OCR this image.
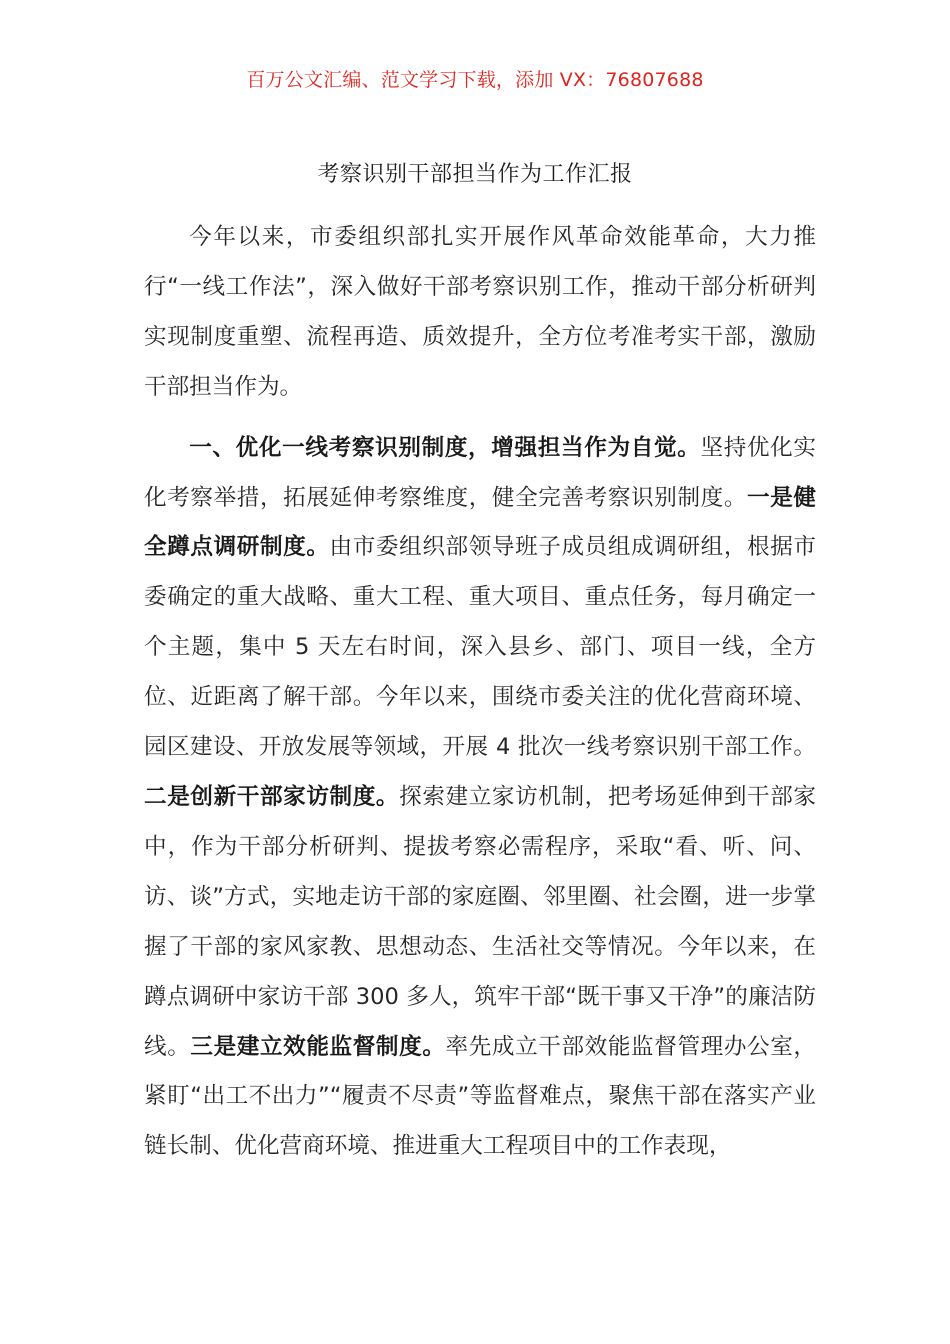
百万公文汇编、范文学习下载，添加 VX：76807688
考察识别干部担当作为工作汇报

今年以来，市委组织部扎实开展作风革命效能革命，大力推行“一线工作法”，深入做好干部考察识别工作，推动干部分析研判实现制度重塑、流程再造、质效提升，全方位考准考实干部，激励干部担当作为。

一、优化一线考察识别制度，增强担当作为自觉。坚持优化实化考察举措，拓展延伸考察维度，健全完善考察识别制度。一是健全蹲点调研制度。由市委组织部领导班子成员组成调研组，根据市委确定的重大战略、重大工程、重大项目、重点任务，每月确定一个主题，集中 5 天左右时间，深入县乡、部门、项目一线，全方位、近距离了解干部。今年以来，围绕市委关注的优化营商环境、园区建设、开放发展等领域，开展 4 批次一线考察识别干部工作。二是创新干部家访制度。探索建立家访机制，把考场延伸到干部家中，作为干部分析研判、提拔考察必需程序，采取“看、听、问、访、谈”方式，实地走访干部的家庭圈、邻里圈、社会圈，进一步掌握了干部的家风家教、思想动态、生活社交等情况。今年以来，在蹲点调研中家访干部 300 多人，筑牢干部“既干事又干净”的廉洁防线。三是建立效能监督制度。率先成立干部效能监督管理办公室，紧盯“出工不出力”“履责不尽责”等监督难点，聚焦干部在落实产业链长制、优化营商环境、推进重大工程项目中的工作表现，
